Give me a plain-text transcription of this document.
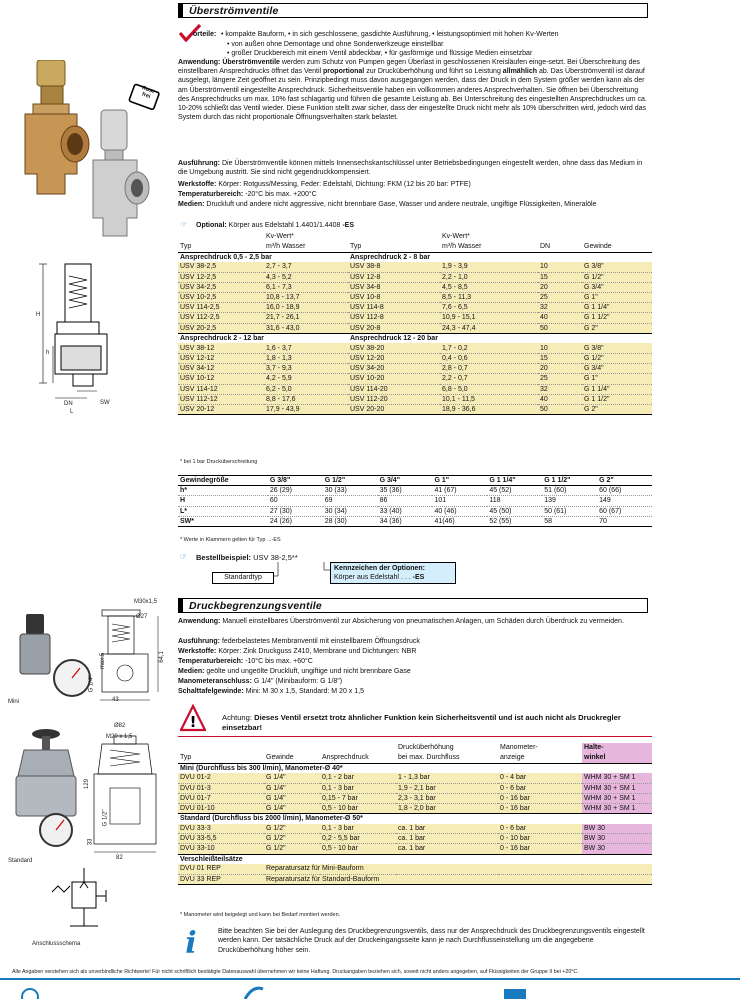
Überströmventile
Rost frei
orteile: • kompakte Bauform, • in sich geschlossene, gasdichte Ausführung, • leistungsoptimiert mit hohen Kv-Werten
• von außen ohne Demontage und ohne Sonderwerkzeuge einstellbar
• großer Druckbereich mit einem Ventil abdeckbar, • für gasförmige und flüssige Medien einsetzbar
Anwendung: Überströmventile werden zum Schutz von Pumpen gegen Überlast in geschlossenen Kreisläufen einge-setzt. Bei Überschreitung des einstellbaren Ansprechdrucks öffnet das Ventil proportional zur Drucküberhöhung und führt so Leistung allmählich ab. Das Überströmventil ist darauf ausgelegt, längere Zeit geöffnet zu sein. Prinzipbedingt muss davon ausgegangen werden, dass der Druck in dem System größer werden kann als der am Überströmventil eingestellte Ansprechdruck. Sicherheitsventile haben ein vollkommen anderes Ansprechverhalten. Sie öffnen bei Überschreitung des Ansprechdrucks um max. 10% fast schlagartig und führen die gesamte Leistung ab. Bei Unterschreitung des eingestellten Ansprechdruckes um ca. 10-20% schließt das Ventil wieder. Diese Funktion stellt zwar sicher, dass der eingestellte Druck nicht mehr als 10% überschritten wird, jedoch wird das System durch das nicht proportionale Öffnungsverhalten stark belastet.
Ausführung: Die Überströmventile können mittels Innensechskantschlüssel unter Betriebsbedingungen eingestellt werden, ohne dass das Medium in die Umgebung austritt. Sie sind nicht gegendruckkompensiert.
Werkstoffe: Körper: Rotguss/Messing, Feder: Edelstahl, Dichtung: FKM (12 bis 20 bar: PTFE)
Temperaturbereich: -20°C bis max. +200°C
Medien: Druckluft und andere nicht aggressive, nicht brennbare Gase, Wasser und andere neutrale, ungiftige Flüssigkeiten, Mineralöle
☞ Optional: Körper aus Edelstahl 1.4401/1.4408 -ES
H
h
DN	SW
L
	Kv-Wert*		Kv-Wert*		
Typ	m³/h Wasser	Typ	m³/h Wasser	DN	Gewinde
Ansprechdruck 0,5 - 2,5 bar		Ansprechdruck 2 - 8 bar			
USV 38-2,5	2,7 - 3,7	USV 38-8	1,9 - 3,9	10	G 3/8"
USV 12-2,5	4,3 - 5,2	USV 12-8	2,2 - 1,0	15	G 1/2"
USV 34-2,5	6,1 - 7,3	USV 34-8	4,5 - 8,5	20	G 3/4"
USV 10-2,5	10,8 - 13,7	USV 10-8	8,5 - 11,3	25	G 1"
USV 114-2,5	16,0 - 18,9	USV 114-8	7,6 - 6,5	32	G 1 1/4"
USV 112-2,5	21,7 - 26,1	USV 112-8	10,9 - 15,1	40	G 1 1/2"
USV 20-2,5	31,6 - 43,0	USV 20-8	24,3 - 47,4	50	G 2"
Ansprechdruck 2 - 12 bar		Ansprechdruck 12 - 20 bar			
USV 38-12	1,6 - 3,7	USV 38-20	1,7 - 0,2	10	G 3/8"
USV 12-12	1,8 - 1,3	USV 12-20	0,4 - 0,6	15	G 1/2"
USV 34-12	3,7 - 9,3	USV 34-20	2,8 - 0,7	20	G 3/4"
USV 10-12	4,2 - 5,9	USV 10-20	2,2 - 0,7	25	G 1"
USV 114-12	6,2 - 5,0	USV 114-20	6,8 - 5,0	32	G 1 1/4"
USV 112-12	8,8 - 17,6	USV 112-20	10,1 - 11,5	40	G 1 1/2"
USV 20-12	17,9 - 43,9	USV 20-20	18,9 - 36,6	50	G 2"
* bei 1 bar Drucküberschreitung
Gewindegröße	G 3/8"	G 1/2"	G 3/4"	G 1"	G 1 1/4"	G 1 1/2"	G 2"
h*	26 (29)	30 (33)	35 (36)	41 (67)	45 (52)	51 (60)	60 (66)
H	60	69	86	101	118	139	149
L*	27 (30)	30 (34)	33 (40)	40 (46)	45 (50)	50 (61)	60 (67)
SW*	24 (26)	28 (30)	34 (36)	41(46)	52 (55)	58	70
* Werte in Klammern gelten für Typ ...-ES
☞ Bestellbeispiel: USV 38-2,5**
Standardtyp
Kennzeichen der Optionen:
Körper aus Edelstahl . . . -ES
Druckbegrenzungsventile
M30x1,5
Ø27
max.5
G 1/4"
64,1
43
Mini
Ø82
M20 x 1,5
129
G 1/2"
33
82
Standard
Anschlussschema
Anwendung: Manuell einstellbares Überströmventil zur Absicherung von pneumatischen Anlagen, um Schäden durch Überdruck zu vermeiden.
Ausführung: federbelastetes Membranventil mit einstellbarem Öffnungsdruck
Werkstoffe: Körper: Zink Druckguss Z410, Membrane und Dichtungen: NBR
Temperaturbereich: -10°C bis max. +60°C
Medien: geölte und ungeölte Druckluft, ungiftige und nicht brennbare Gase
Manometeranschluss: G 1/4" (Minibauform: G 1/8")
Schalttafelgewinde: Mini: M 30 x 1,5, Standard: M 20 x 1,5
!	Achtung: Dieses Ventil ersetzt trotz ähnlicher Funktion kein Sicherheitsventil und ist auch nicht als Druckregler einsetzbar!
			Drucküberhöhung	Manometer-	Halte-
Typ	Gewinde	Ansprechdruck	bei max. Durchfluss	anzeige	winkel
Mini (Durchfluss bis 300 l/min), Manometer-Ø 40*					
DVU 01-2	G 1/4"	0,1 - 2 bar	1 - 1,3 bar	0 - 4 bar	WHM 30 + SM 1
DVU 01-3	G 1/4"	0,1 - 3 bar	1,9 - 2,1 bar	0 - 6 bar	WHM 30 + SM 1
DVU 01-7	G 1/4"	0,15 - 7 bar	2,3 - 3,1 bar	0 - 16 bar	WHM 30 + SM 1
DVU 01-10	G 1/4"	0,5 - 10 bar	1,8 - 2,0 bar	0 - 16 bar	WHM 30 + SM 1
Standard (Durchfluss bis 2000 l/min), Manometer-Ø 50*					
DVU 33-3	G 1/2"	0,1 - 3 bar	ca. 1 bar	0 - 6 bar	BW 30
DVU 33-5,5	G 1/2"	0,2 - 5,5 bar	ca. 1 bar	0 - 10 bar	BW 30
DVU 33-10	G 1/2"	0,5 - 10 bar	ca. 1 bar	0 - 16 bar	BW 30
Verschleißteilsätze					
DVU 01 REP	Reparatursatz für Mini-Bauform				
DVU 33 REP	Reparatursatz für Standard-Bauform				
* Manometer wird beigelegt und kann bei Bedarf montiert werden.
i	Bitte beachten Sie bei der Auslegung des Druckbegrenzungsventils, dass nur der Ansprechdruck des Druckbegrenzungsventils eingestellt werden kann. Der tatsächliche Druck auf der Druckeingangsseite kann je nach Durchflusseinstellung um die angegebene Drucküberhöhung höher sein.
Alle Angaben verstehen sich als unverbindliche Richtwerte! Für nicht schriftlich bestätigte Datenauswahl übernehmen wir keine Haftung. Druckangaben beziehen sich, soweit nicht anders angegeben, auf Flüssigkeiten der Gruppe II bei +20°C.
